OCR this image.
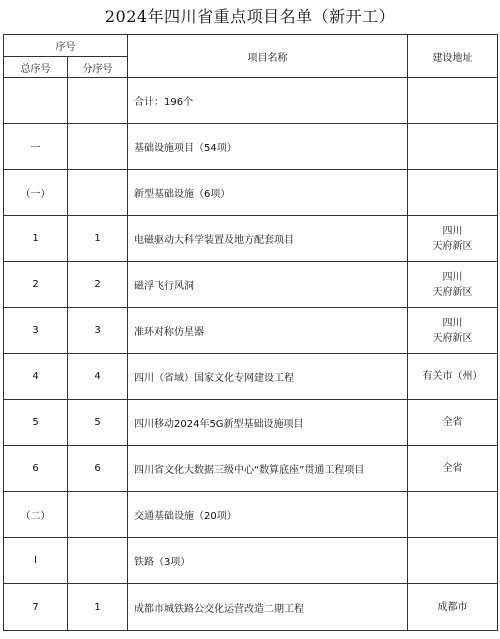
2024年四川省重点项目名单（新开工）
序号		项目名称	建设地址
总序号	分序号		
		合计：196个	

一		基础设施项目（54项）	

（一）		新型基础设施（6项）	

1	1	电磁驱动大科学装置及地方配套项目	四川
天府新区

2	2	磁浮飞行风洞	四川
天府新区

3	3	准环对称仿星器	四川
天府新区

4	4	四川（省域）国家文化专网建设工程	有关市（州）

5	5	四川移动2024年5G新型基础设施项目	全省

6	6	四川省文化大数据三级中心“数算底座”贯通工程项目	全省

（二）		交通基础设施（20项）	

I		铁路（3项）	

7	1	成都市城铁路公交化运营改造二期工程	成都市
